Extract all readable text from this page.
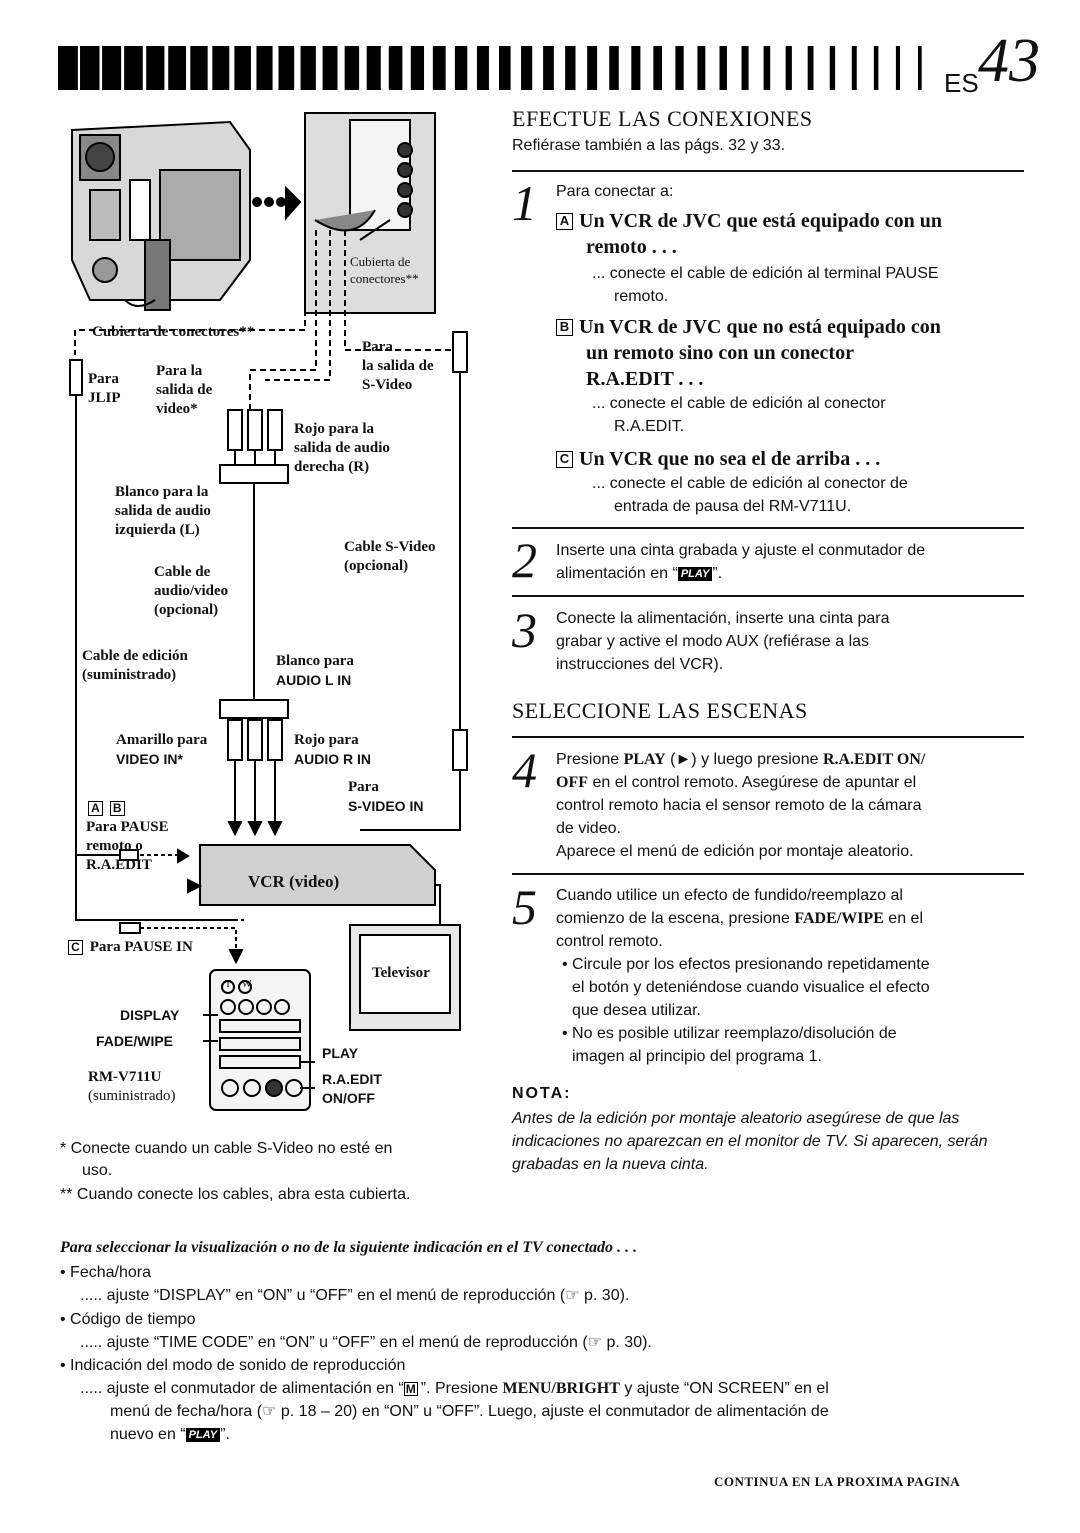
ES 43
Cubierta de
conectores**
Cubierta de conectores**
Para
JLIP
Para la
salida de
video*
Para
la salida de
S-Video
Rojo para la
salida de audio
derecha (R)
Blanco para la
salida de audio
izquierda (L)
Cable S-Video
(opcional)
Cable de
audio/video
(opcional)
Cable de edición
(suministrado)
Blanco para
AUDIO L IN
Amarillo para
VIDEO IN*
Rojo para
AUDIO R IN
Para
S-VIDEO IN
A B
Para PAUSE
remoto o
R.A.EDIT
VCR (video)
Televisor
C Para PAUSE IN
DISPLAY
FADE/WIPE
PLAY
RM-V711U
(suministrado)
R.A.EDIT
ON/OFF
T W
* Conecte cuando un cable S-Video no esté en
uso.
** Cuando conecte los cables, abra esta cubierta.
EFECTUE LAS CONEXIONES
Refiérase también a las págs. 32 y 33.
1 Para conectar a:
A Un VCR de JVC que está equipado con un
remoto . . .
... conecte el cable de edición al terminal PAUSE
remoto.
B Un VCR de JVC que no está equipado con
un remoto sino con un conector
R.A.EDIT . . .
... conecte el cable de edición al conector
R.A.EDIT.
C Un VCR que no sea el de arriba . . .
... conecte el cable de edición al conector de
entrada de pausa del RM-V711U.
2 Inserte una cinta grabada y ajuste el conmutador de
alimentación en “ PLAY ”.
3 Conecte la alimentación, inserte una cinta para
grabar y active el modo AUX (refiérase a las
instrucciones del VCR).
SELECCIONE LAS ESCENAS
4 Presione PLAY (►) y luego presione R.A.EDIT ON/
OFF en el control remoto. Asegúrese de apuntar el
control remoto hacia el sensor remoto de la cámara
de video.
Aparece el menú de edición por montaje aleatorio.
5 Cuando utilice un efecto de fundido/reemplazo al
comienzo de la escena, presione FADE/WIPE en el
control remoto.
• Circule por los efectos presionando repetidamente
el botón y deteniéndose cuando visualice el efecto
que desea utilizar.
• No es posible utilizar reemplazo/disolución de
imagen al principio del programa 1.
NOTA:
Antes de la edición por montaje aleatorio asegúrese de que las indicaciones no aparezcan en el monitor de TV. Si aparecen, serán grabadas en la nueva cinta.
Para seleccionar la visualización o no de la siguiente indicación en el TV conectado . . .
• Fecha/hora
..... ajuste “DISPLAY” en “ON” u “OFF” en el menú de reproducción (☞ p. 30).
• Código de tiempo
..... ajuste “TIME CODE” en “ON” u “OFF” en el menú de reproducción (☞ p. 30).
• Indicación del modo de sonido de reproducción
..... ajuste el conmutador de alimentación en “ M ”. Presione MENU/BRIGHT y ajuste “ON SCREEN” en el
menú de fecha/hora (☞ p. 18 – 20) en “ON” u “OFF”. Luego, ajuste el conmutador de alimentación de
nuevo en “ PLAY ”.
CONTINUA EN LA PROXIMA PAGINA
